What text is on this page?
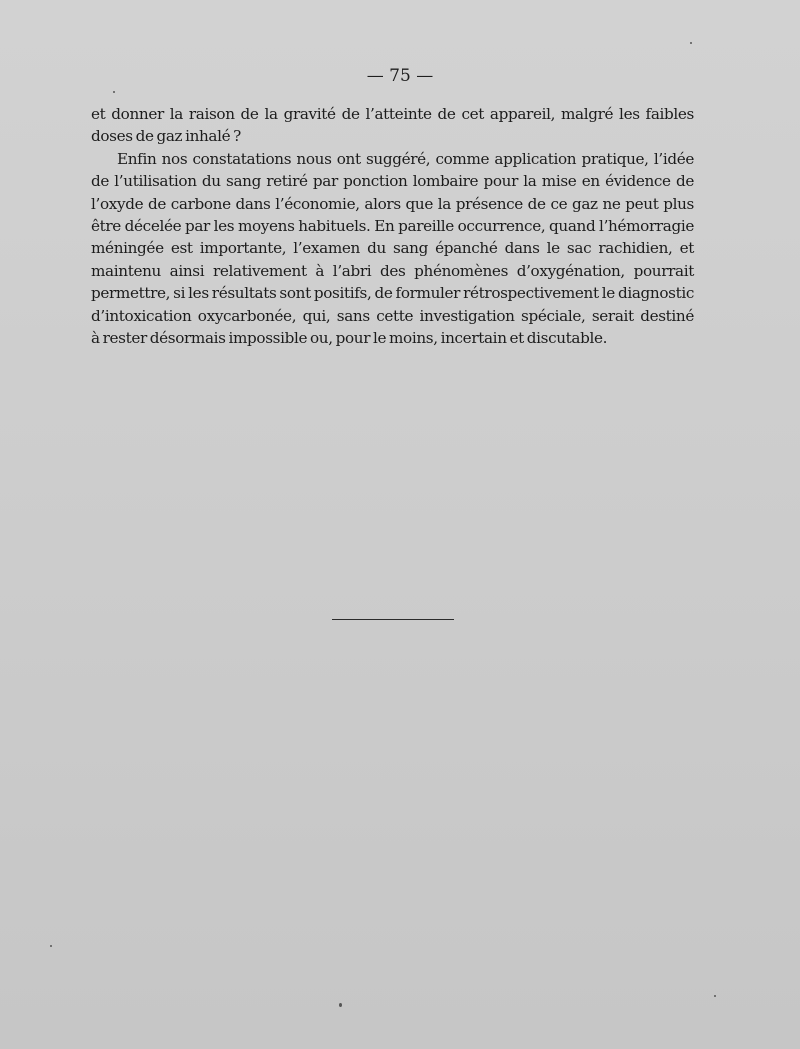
— 75 —
et donner la raison de la gravité de l’atteinte de cet appareil, malgré les faibles
doses de gaz inhalé ?
Enfin nos constatations nous ont suggéré, comme application pratique, l’idée
de l’utilisation du sang retiré par ponction lombaire pour la mise en évidence de
l’oxyde de carbone dans l’économie, alors que la présence de ce gaz ne peut plus
être décelée par les moyens habituels. En pareille occurrence, quand l’hémorragie
méningée est importante, l’examen du sang épanché dans le sac rachidien, et
maintenu ainsi relativement à l’abri des phénomènes d’oxygénation, pourrait
permettre, si les résultats sont positifs, de formuler rétrospectivement le diagnostic
d’intoxication oxycarbonée, qui, sans cette investigation spéciale, serait destiné
à rester désormais impossible ou, pour le moins, incertain et discutable.
